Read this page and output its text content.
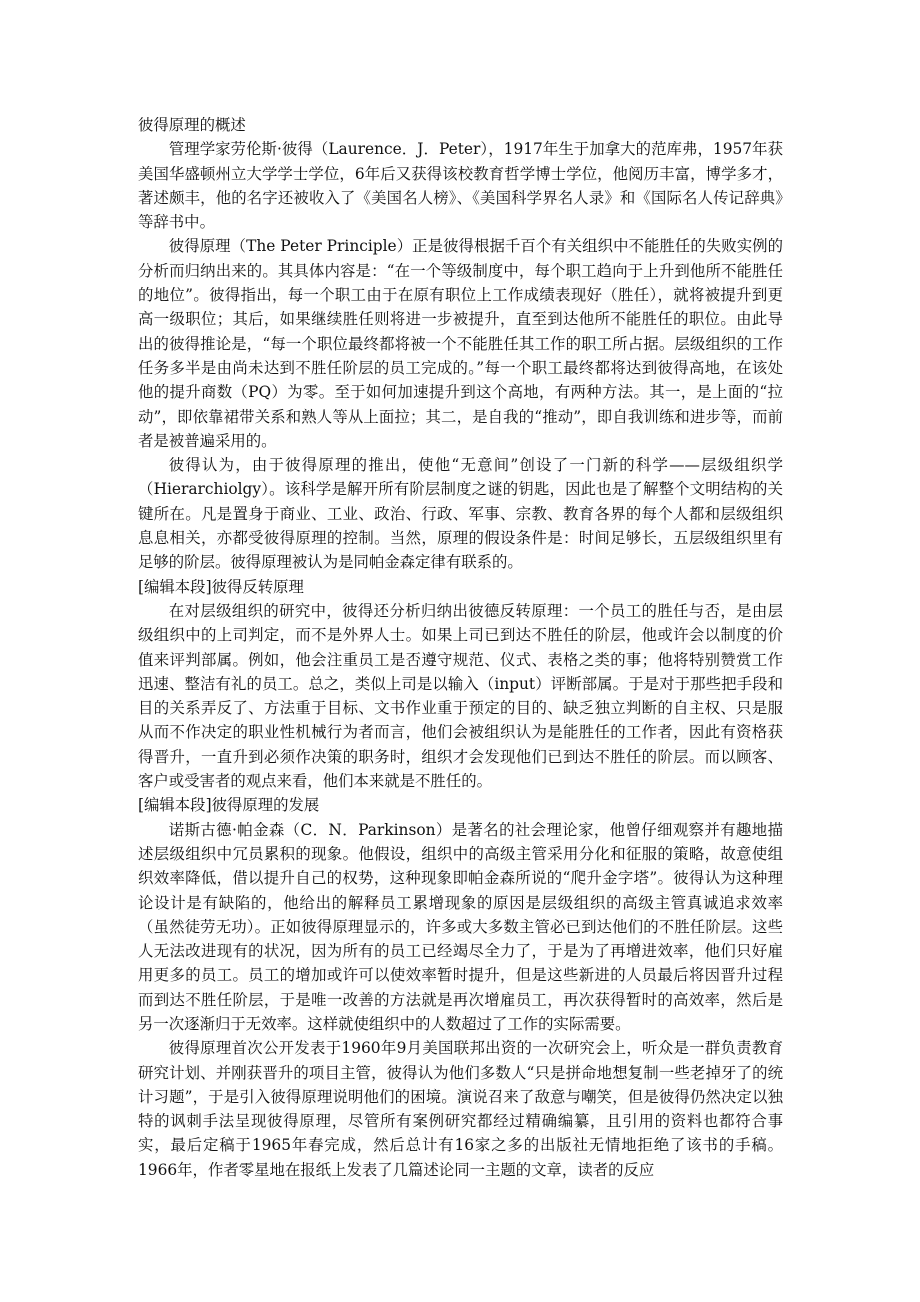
彼得原理的概述

管理学家劳伦斯·彼得（Laurence．J．Peter），1917年生于加拿大的范库弗，1957年获美国华盛顿州立大学学士学位，6年后又获得该校教育哲学博士学位，他阅历丰富，博学多才，著述颇丰，他的名字还被收入了《美国名人榜》、《美国科学界名人录》和《国际名人传记辞典》等辞书中。

彼得原理（The Peter Principle）正是彼得根据千百个有关组织中不能胜任的失败实例的分析而归纳出来的。其具体内容是：“在一个等级制度中，每个职工趋向于上升到他所不能胜任的地位”。彼得指出，每一个职工由于在原有职位上工作成绩表现好（胜任），就将被提升到更高一级职位；其后，如果继续胜任则将进一步被提升，直至到达他所不能胜任的职位。由此导出的彼得推论是，“每一个职位最终都将被一个不能胜任其工作的职工所占据。层级组织的工作任务多半是由尚未达到不胜任阶层的员工完成的。”每一个职工最终都将达到彼得高地，在该处他的提升商数（PQ）为零。至于如何加速提升到这个高地，有两种方法。其一，是上面的“拉动”，即依靠裙带关系和熟人等从上面拉；其二，是自我的“推动”，即自我训练和进步等，而前者是被普遍采用的。

彼得认为，由于彼得原理的推出，使他“无意间”创设了一门新的科学——层级组织学（Hierarchiolgy）。该科学是解开所有阶层制度之谜的钥匙，因此也是了解整个文明结构的关键所在。凡是置身于商业、工业、政治、行政、军事、宗教、教育各界的每个人都和层级组织息息相关，亦都受彼得原理的控制。当然，原理的假设条件是：时间足够长，五层级组织里有足够的阶层。彼得原理被认为是同帕金森定律有联系的。

[编辑本段]彼得反转原理

在对层级组织的研究中，彼得还分析归纳出彼德反转原理：一个员工的胜任与否，是由层级组织中的上司判定，而不是外界人士。如果上司已到达不胜任的阶层，他或许会以制度的价值来评判部属。例如，他会注重员工是否遵守规范、仪式、表格之类的事；他将特别赞赏工作迅速、整洁有礼的员工。总之，类似上司是以输入（input）评断部属。于是对于那些把手段和目的关系弄反了、方法重于目标、文书作业重于预定的目的、缺乏独立判断的自主权、只是服从而不作决定的职业性机械行为者而言，他们会被组织认为是能胜任的工作者，因此有资格获得晋升，一直升到必须作决策的职务时，组织才会发现他们已到达不胜任的阶层。而以顾客、客户或受害者的观点来看，他们本来就是不胜任的。

[编辑本段]彼得原理的发展

诺斯古德·帕金森（C．N．Parkinson）是著名的社会理论家，他曾仔细观察并有趣地描述层级组织中冗员累积的现象。他假设，组织中的高级主管采用分化和征服的策略，故意使组织效率降低，借以提升自己的权势，这种现象即帕金森所说的“爬升金字塔”。彼得认为这种理论设计是有缺陷的，他给出的解释员工累增现象的原因是层级组织的高级主管真诚追求效率（虽然徒劳无功）。正如彼得原理显示的，许多或大多数主管必已到达他们的不胜任阶层。这些人无法改进现有的状况，因为所有的员工已经竭尽全力了，于是为了再增进效率，他们只好雇用更多的员工。员工的增加或许可以使效率暂时提升，但是这些新进的人员最后将因晋升过程而到达不胜任阶层，于是唯一改善的方法就是再次增雇员工，再次获得暂时的高效率，然后是另一次逐渐归于无效率。这样就使组织中的人数超过了工作的实际需要。

彼得原理首次公开发表于1960年9月美国联邦出资的一次研究会上，听众是一群负责教育研究计划、并刚获晋升的项目主管，彼得认为他们多数人“只是拼命地想复制一些老掉牙了的统计习题”，于是引入彼得原理说明他们的困境。演说召来了敌意与嘲笑，但是彼得仍然决定以独特的讽刺手法呈现彼得原理，尽管所有案例研究都经过精确编纂，且引用的资料也都符合事实，最后定稿于1965年春完成，然后总计有16家之多的出版社无情地拒绝了该书的手稿。1966年，作者零星地在报纸上发表了几篇述论同一主题的文章，读者的反应
